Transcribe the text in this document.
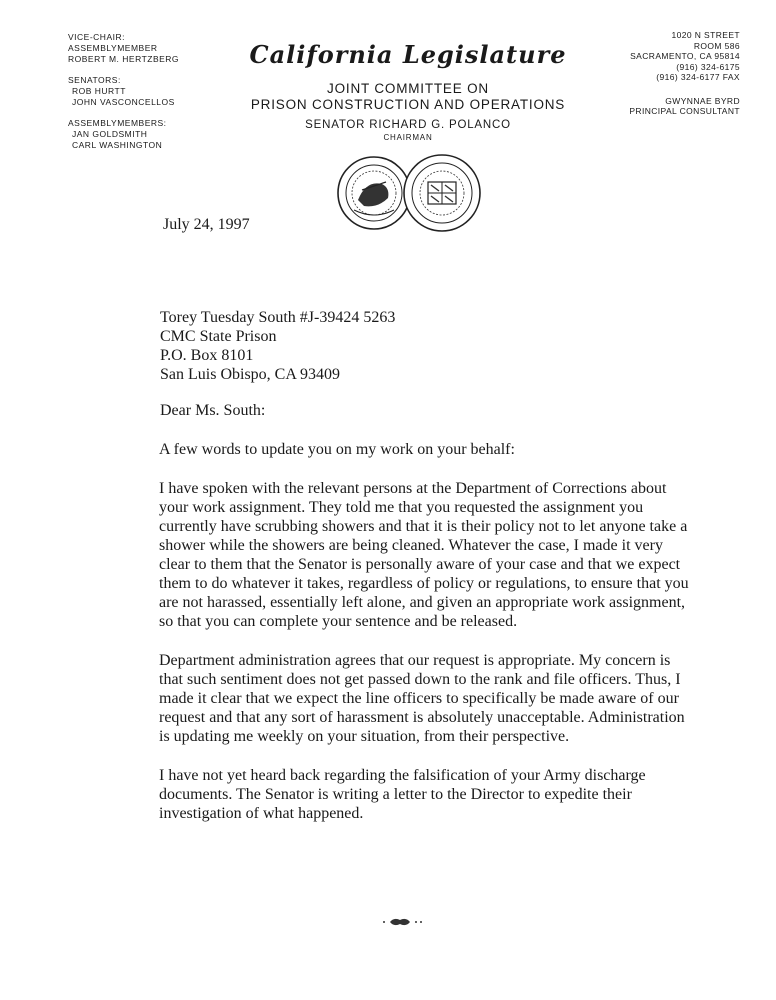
VICE-CHAIR:
ASSEMBLYMEMBER
ROBERT M. HERTZBERG
SENATORS:
ROB HURTT
JOHN VASCONCELLOS
ASSEMBLYMEMBERS:
JAN GOLDSMITH
CARL WASHINGTON
California Legislature
JOINT COMMITTEE ON
PRISON CONSTRUCTION AND OPERATIONS
SENATOR RICHARD G. POLANCO
CHAIRMAN
1020 N STREET
ROOM 586
SACRAMENTO, CA 95814
(916) 324-6175
(916) 324-6177 FAX
GWYNNAE BYRD
PRINCIPAL CONSULTANT
July 24, 1997
Torey Tuesday South #J-39424 5263
CMC State Prison
P.O. Box 8101
San Luis Obispo, CA 93409
Dear Ms. South:

A few words to update you on my work on your behalf:

I have spoken with the relevant persons at the Department of Corrections about your work assignment. They told me that you requested the assignment you currently have scrubbing showers and that it is their policy not to let anyone take a shower while the showers are being cleaned. Whatever the case, I made it very clear to them that the Senator is personally aware of your case and that we expect them to do whatever it takes, regardless of policy or regulations, to ensure that you are not harassed, essentially left alone, and given an appropriate work assignment, so that you can complete your sentence and be released.

Department administration agrees that our request is appropriate. My concern is that such sentiment does not get passed down to the rank and file officers. Thus, I made it clear that we expect the line officers to specifically be made aware of our request and that any sort of harassment is absolutely unacceptable. Administration is updating me weekly on your situation, from their perspective.

I have not yet heard back regarding the falsification of your Army discharge documents. The Senator is writing a letter to the Director to expedite their investigation of what happened.
